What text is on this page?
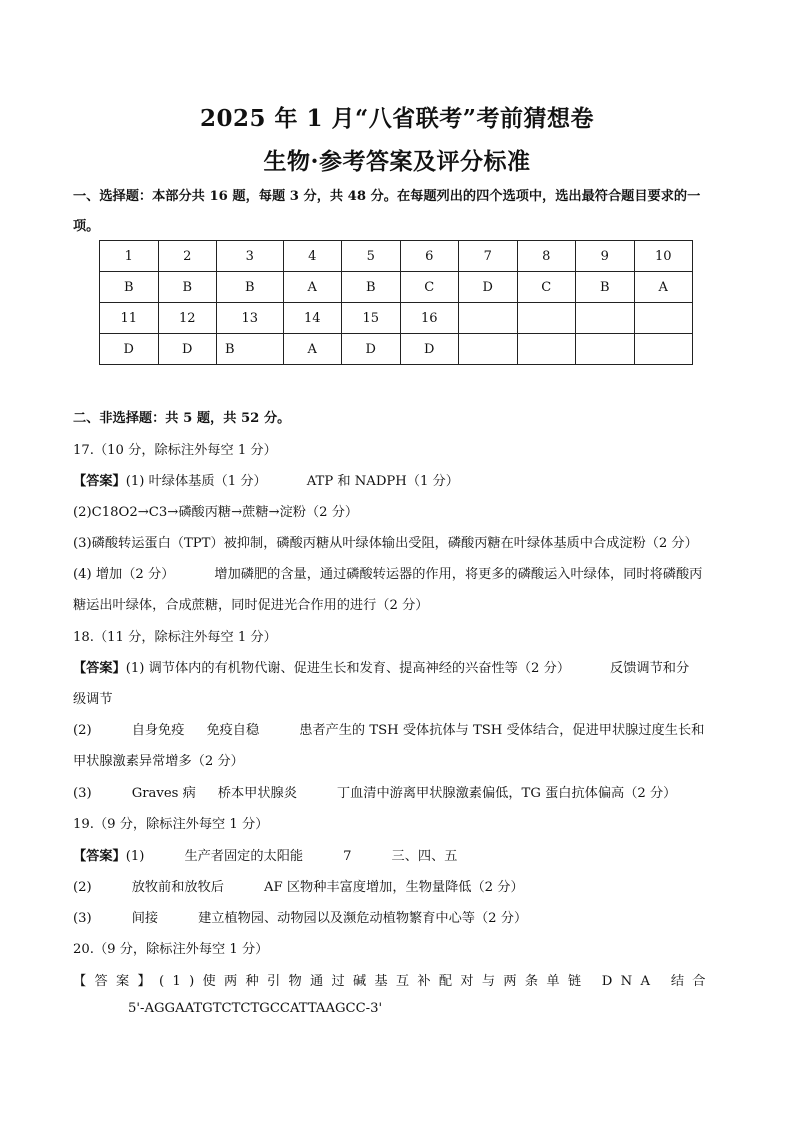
2025 年 1 月“八省联考”考前猜想卷
生物·参考答案及评分标准
一、选择题：本部分共 16 题，每题 3 分，共 48 分。在每题列出的四个选项中，选出最符合题目要求的一
项。
1	2	3	4	5	6	7	8	9	10
B	B	B	A	B	C	D	C	B	A
11	12	13	14	15	16				
D	D	B	A	D	D				
二、非选择题：共 5 题，共 52 分。
17.（10 分，除标注外每空 1 分）
【答案】(1) 叶绿体基质（1 分）	ATP 和 NADPH（1 分）
(2)C18O2→C3→磷酸丙糖→蔗糖→淀粉（2 分）
(3)磷酸转运蛋白（TPT）被抑制，磷酸丙糖从叶绿体输出受阻，磷酸丙糖在叶绿体基质中合成淀粉（2 分）
(4) 增加（2 分）	增加磷肥的含量，通过磷酸转运器的作用，将更多的磷酸运入叶绿体，同时将磷酸丙
糖运出叶绿体，合成蔗糖，同时促进光合作用的进行（2 分）
18.（11 分，除标注外每空 1 分）
【答案】(1) 调节体内的有机物代谢、促进生长和发育、提高神经的兴奋性等（2 分）	反馈调节和分
级调节
(2)	自身免疫 免疫自稳	患者产生的 TSH 受体抗体与 TSH 受体结合，促进甲状腺过度生长和
甲状腺激素异常增多（2 分）
(3)	Graves 病 桥本甲状腺炎	丁血清中游离甲状腺激素偏低，TG 蛋白抗体偏高（2 分）
19.（9 分，除标注外每空 1 分）
【答案】(1)	生产者固定的太阳能	7	三、四、五
(2)	放牧前和放牧后	AF 区物种丰富度增加，生物量降低（2 分）
(3)	间接	建立植物园、动物园以及濒危动植物繁育中心等（2 分）
20.（9 分，除标注外每空 1 分）
【答案】(1)使两种引物通过碱基互补配对与两条单链 DNA 结合
5'-AGGAATGTCTCTGCCATTAAGCC-3'
